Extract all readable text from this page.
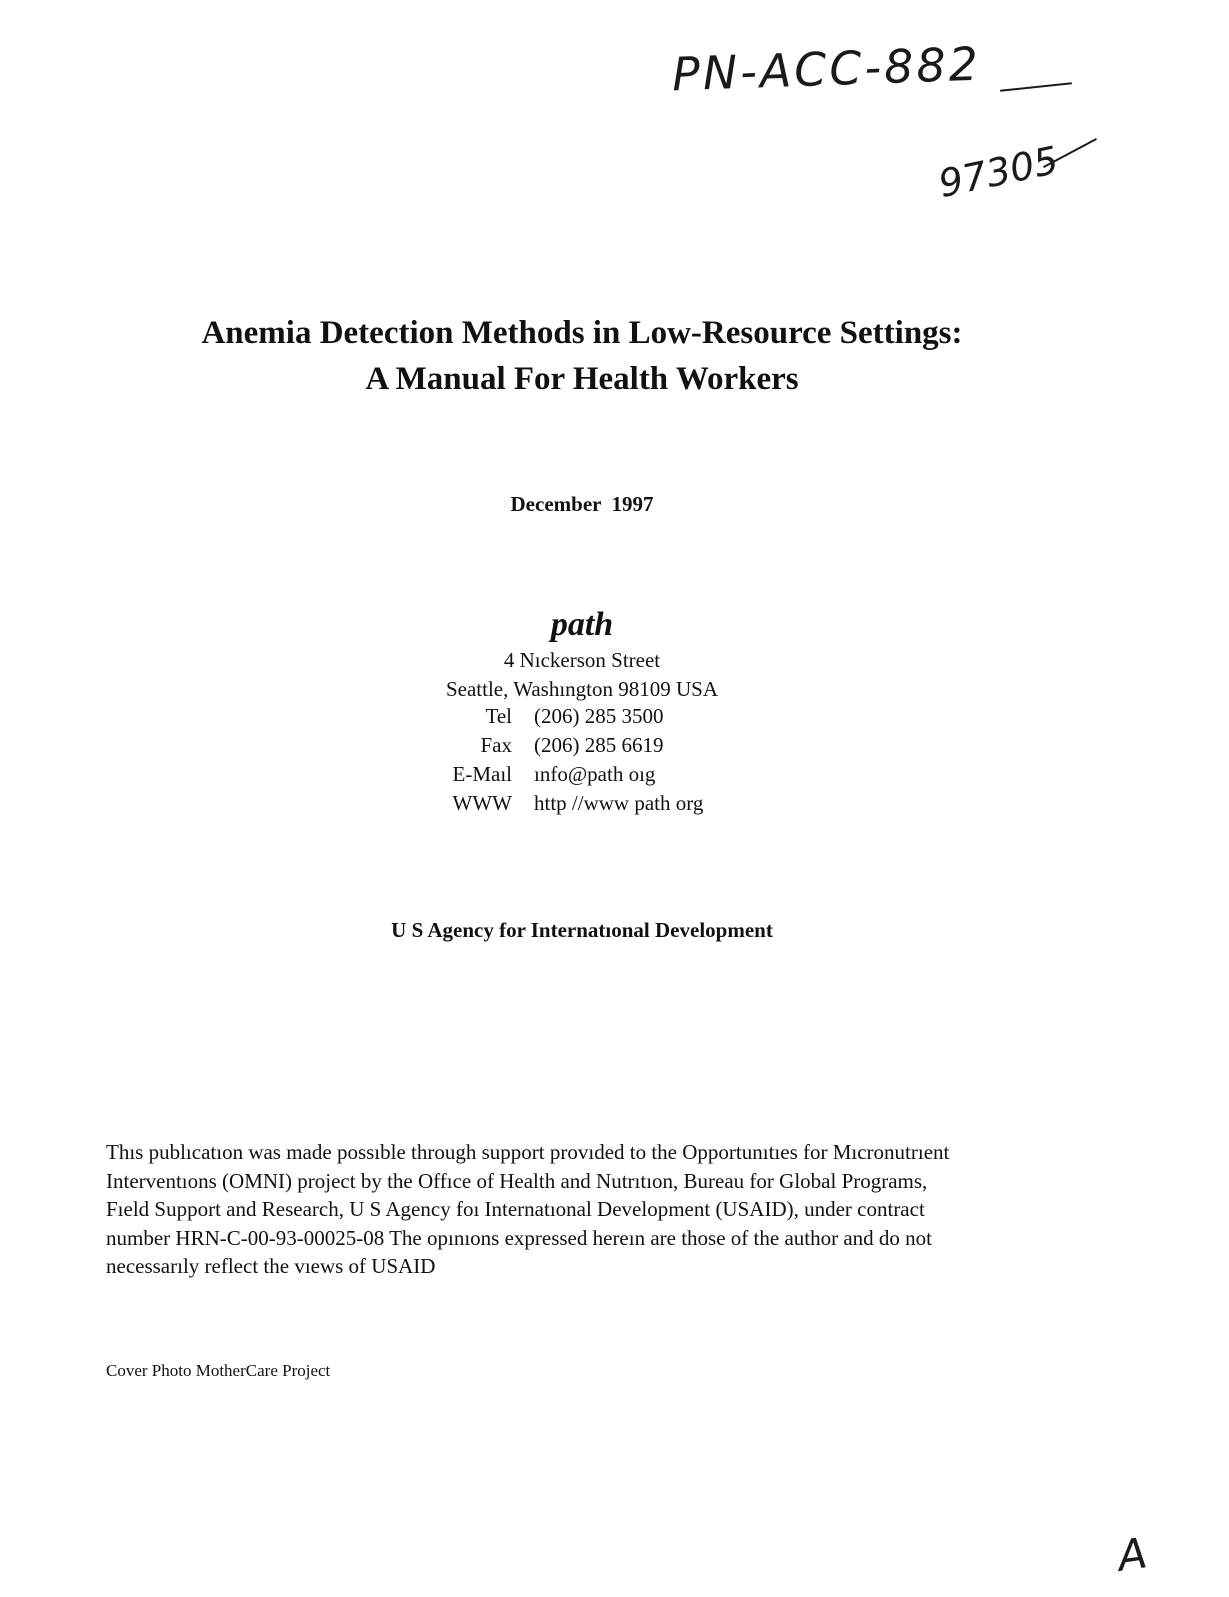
PN-ACC-882
97305
Anemia Detection Methods in Low-Resource Settings:
A Manual For Health Workers
December 1997
path
4 Nıckerson Street
Seattle, Washıngton 98109 USA
Tel	(206) 285 3500
Fax	(206) 285 6619
E-Maıl	ınfo@path oıg
WWW	http //www path org
U S Agency for Internatıonal Development
Thıs publıcatıon was made possıble through support provıded to the Opportunıtıes for Mıcronutrıent
Interventıons (OMNI) project by the Offıce of Health and Nutrıtıon, Bureau for Global Programs,
Fıeld Support and Research, U S Agency foı Internatıonal Development (USAID), under contract
number HRN-C-00-93-00025-08 The opınıons expressed hereın are those of the author and do not
necessarıly reflect the vıews of USAID
Cover Photo MotherCare Project
A
